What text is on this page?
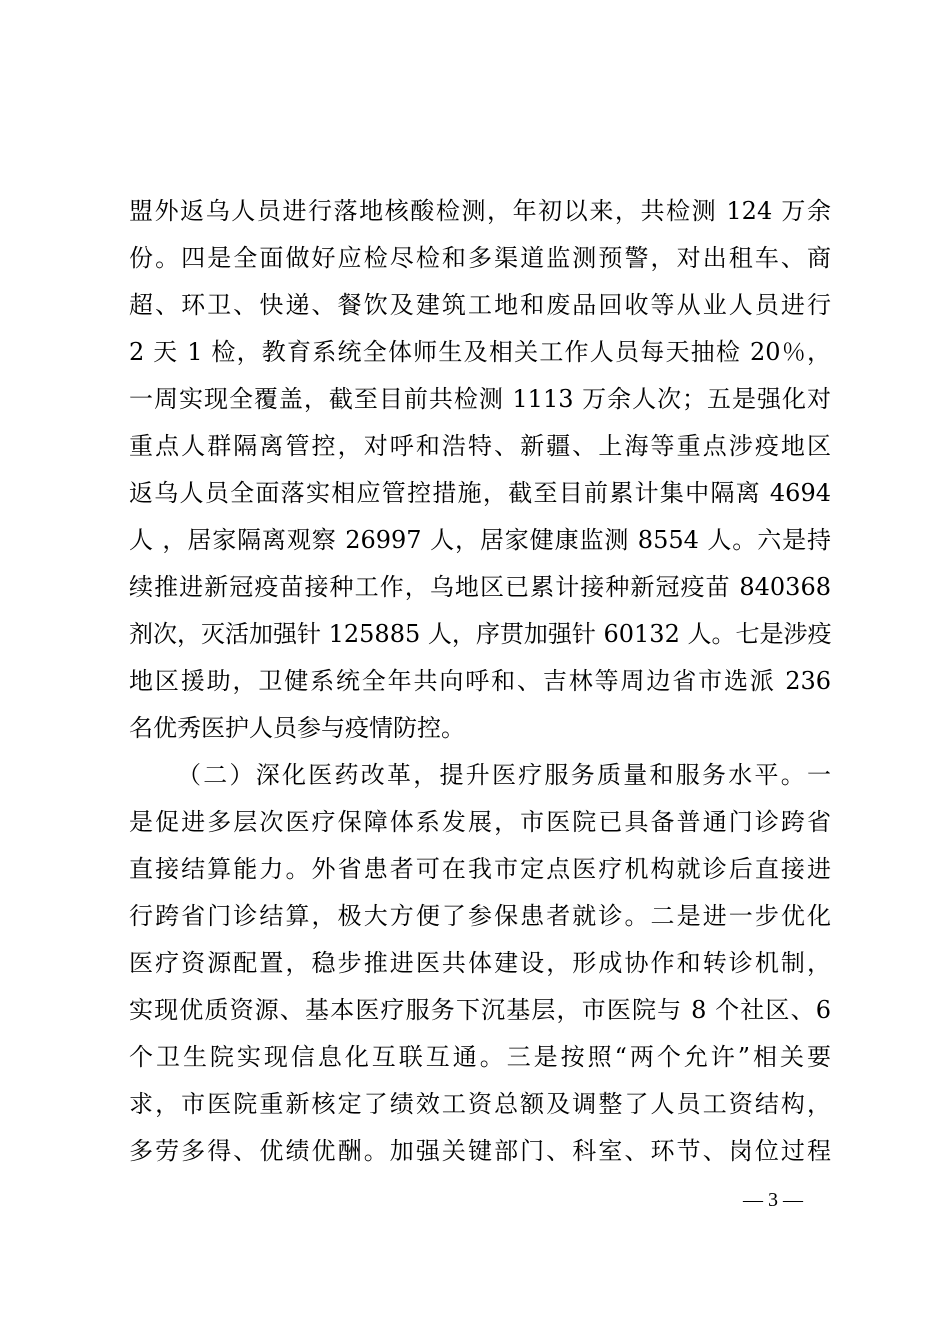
盟外返乌人员进行落地核酸检测，年初以来，共检测 124 万余
份。四是全面做好应检尽检和多渠道监测预警，对出租车、商
超、环卫、快递、餐饮及建筑工地和废品回收等从业人员进行
2 天 1 检，教育系统全体师生及相关工作人员每天抽检 20％，
一周实现全覆盖，截至目前共检测 1113 万余人次；五是强化对
重点人群隔离管控，对呼和浩特、新疆、上海等重点涉疫地区
返乌人员全面落实相应管控措施，截至目前累计集中隔离 4694
人 ，居家隔离观察 26997 人，居家健康监测 8554 人。六是持
续推进新冠疫苗接种工作，乌地区已累计接种新冠疫苗 840368
剂次，灭活加强针 125885 人，序贯加强针 60132 人。七是涉疫
地区援助，卫健系统全年共向呼和、吉林等周边省市选派 236
名优秀医护人员参与疫情防控。
（二）深化医药改革，提升医疗服务质量和服务水平。一
是促进多层次医疗保障体系发展，市医院已具备普通门诊跨省
直接结算能力。外省患者可在我市定点医疗机构就诊后直接进
行跨省门诊结算，极大方便了参保患者就诊。二是进一步优化
医疗资源配置，稳步推进医共体建设，形成协作和转诊机制，
实现优质资源、基本医疗服务下沉基层，市医院与 8 个社区、6
个卫生院实现信息化互联互通。三是按照“两个允许”相关要
求，市医院重新核定了绩效工资总额及调整了人员工资结构，
多劳多得、优绩优酬。加强关键部门、科室、环节、岗位过程
— 3 —
